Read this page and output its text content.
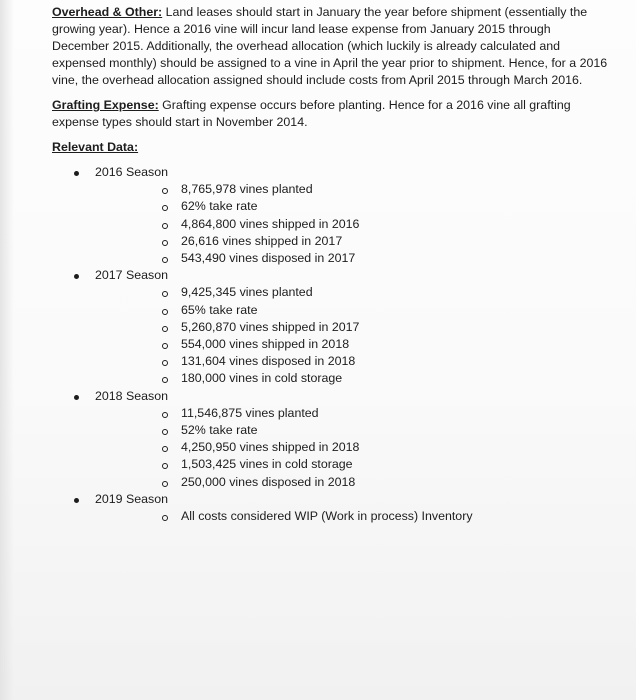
Overhead & Other: Land leases should start in January the year before shipment (essentially the growing year). Hence a 2016 vine will incur land lease expense from January 2015 through December 2015. Additionally, the overhead allocation (which luckily is already calculated and expensed monthly) should be assigned to a vine in April the year prior to shipment. Hence, for a 2016 vine, the overhead allocation assigned should include costs from April 2015 through March 2016.

Grafting Expense: Grafting expense occurs before planting. Hence for a 2016 vine all grafting expense types should start in November 2014.

Relevant Data:
2016 Season
8,765,978 vines planted
62% take rate
4,864,800 vines shipped in 2016
26,616 vines shipped in 2017
543,490 vines disposed in 2017
2017 Season
9,425,345 vines planted
65% take rate
5,260,870 vines shipped in 2017
554,000 vines shipped in 2018
131,604 vines disposed in 2018
180,000 vines in cold storage
2018 Season
11,546,875 vines planted
52% take rate
4,250,950 vines shipped in 2018
1,503,425 vines in cold storage
250,000 vines disposed in 2018
2019 Season
All costs considered WIP (Work in process) Inventory
